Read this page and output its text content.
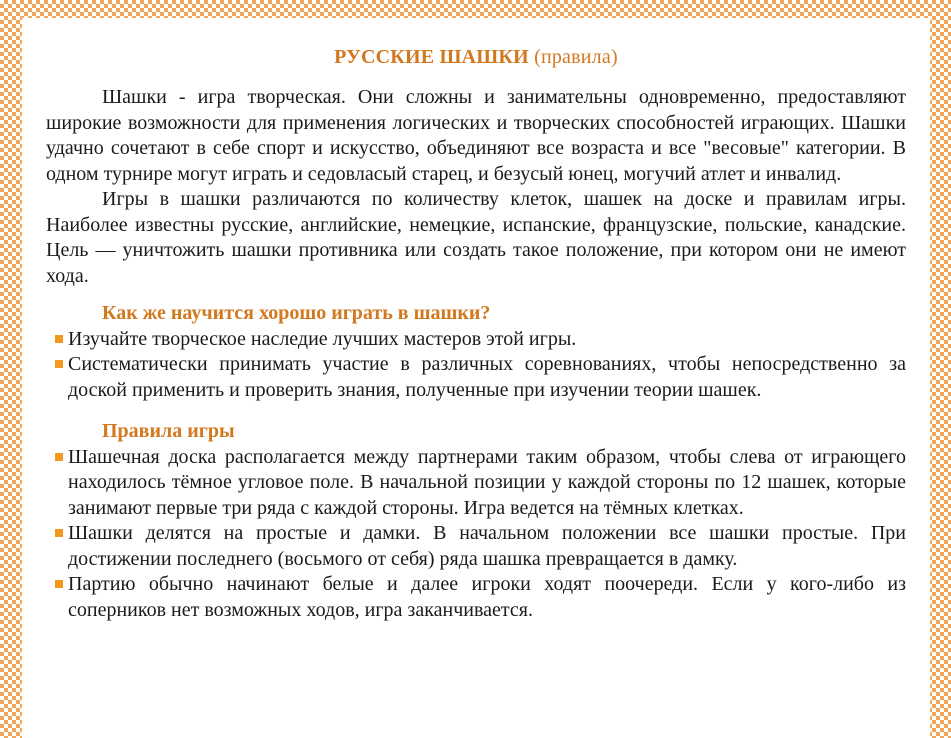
РУССКИЕ ШАШКИ (правила)

Шашки - игра творческая. Они сложны и занимательны одновременно, предоставляют широкие возможности для применения логических и творческих способностей играющих. Шашки удачно сочетают в себе спорт и искусство, объединяют все возраста и все "весовые" категории. В одном турнире могут играть и седовласый старец, и безусый юнец, могучий атлет и инвалид.

Игры в шашки различаются по количеству клеток, шашек на доске и правилам игры. Наиболее известны русские, английские, немецкие, испанские, французские, польские, канадские. Цель — уничтожить шашки противника или создать такое положение, при котором они не имеют хода.

Как же научится хорошо играть в шашки?
Изучайте творческое наследие лучших мастеров этой игры.
Систематически принимать участие в различных соревнованиях, чтобы непосредственно за доской применить и проверить знания, полученные при изучении теории шашек.
Правила игры
Шашечная доска располагается между партнерами таким образом, чтобы слева от играющего находилось тёмное угловое поле. В начальной позиции у каждой стороны по 12 шашек, которые занимают первые три ряда с каждой стороны. Игра ведется на тёмных клетках.
Шашки делятся на простые и дамки. В начальном положении все шашки простые. При достижении последнего (восьмого от себя) ряда шашка превращается в дамку.
Партию обычно начинают белые и далее игроки ходят поочереди. Если у кого-либо из соперников нет возможных ходов, игра заканчивается.
